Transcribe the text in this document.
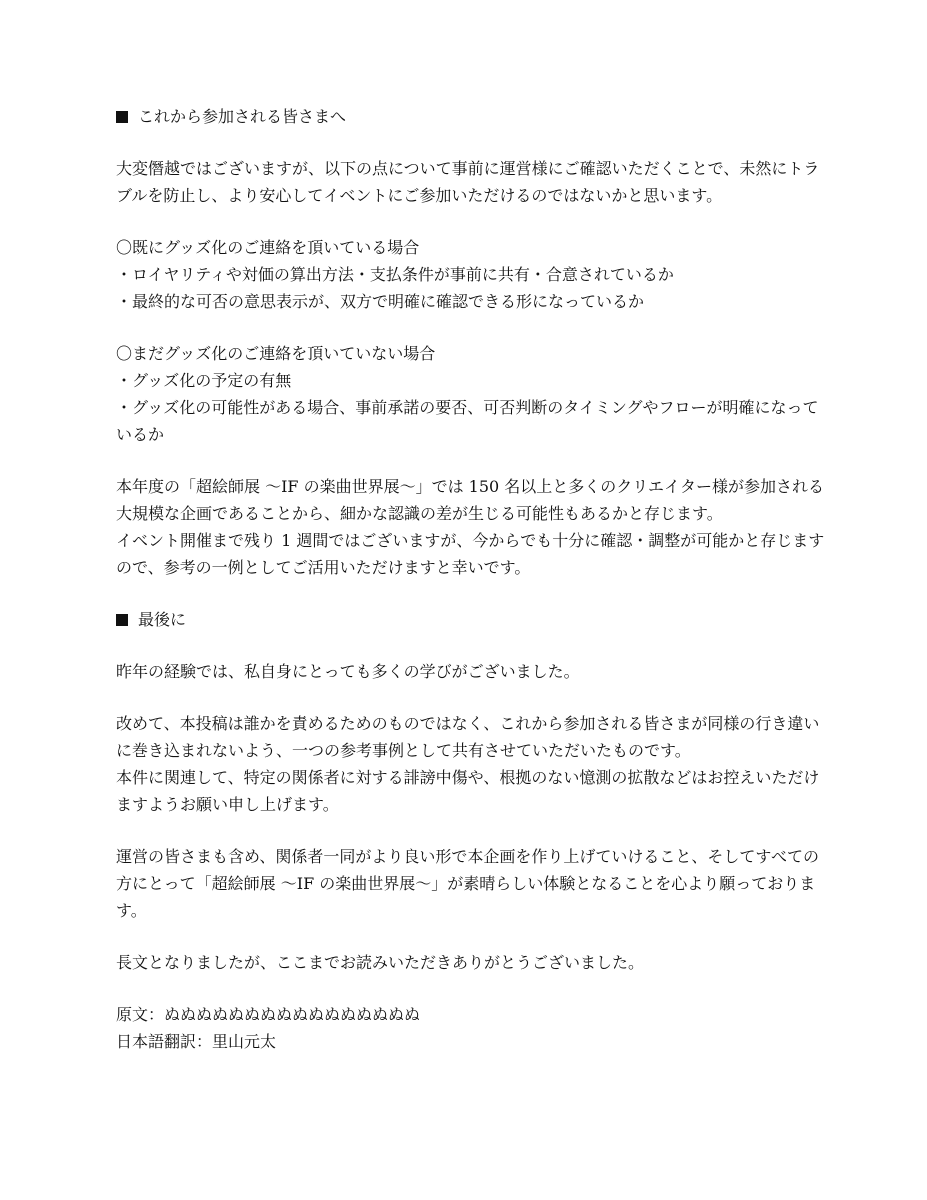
これから参加される皆さまへ
大変僭越ではございますが、以下の点について事前に運営様にご確認いただくことで、未然にトラ
ブルを防止し、より安心してイベントにご参加いただけるのではないかと思います。
〇既にグッズ化のご連絡を頂いている場合
・ロイヤリティや対価の算出方法・支払条件が事前に共有・合意されているか
・最終的な可否の意思表示が、双方で明確に確認できる形になっているか
〇まだグッズ化のご連絡を頂いていない場合
・グッズ化の予定の有無
・グッズ化の可能性がある場合、事前承諾の要否、可否判断のタイミングやフローが明確になって
いるか
本年度の「超絵師展 ～IF の楽曲世界展～」では 150 名以上と多くのクリエイター様が参加される
大規模な企画であることから、細かな認識の差が生じる可能性もあるかと存じます。
イベント開催まで残り 1 週間ではございますが、今からでも十分に確認・調整が可能かと存じます
ので、参考の一例としてご活用いただけますと幸いです。
最後に
昨年の経験では、私自身にとっても多くの学びがございました。
改めて、本投稿は誰かを責めるためのものではなく、これから参加される皆さまが同様の行き違い
に巻き込まれないよう、一つの参考事例として共有させていただいたものです。
本件に関連して、特定の関係者に対する誹謗中傷や、根拠のない憶測の拡散などはお控えいただけ
ますようお願い申し上げます。
運営の皆さまも含め、関係者一同がより良い形で本企画を作り上げていけること、そしてすべての
方にとって「超絵師展 ～IF の楽曲世界展～」が素晴らしい体験となることを心より願っておりま
す。
長文となりましたが、ここまでお読みいただきありがとうございました。
原文：ぬぬぬぬぬぬぬぬぬぬぬぬぬぬぬぬ
日本語翻訳：里山元太
